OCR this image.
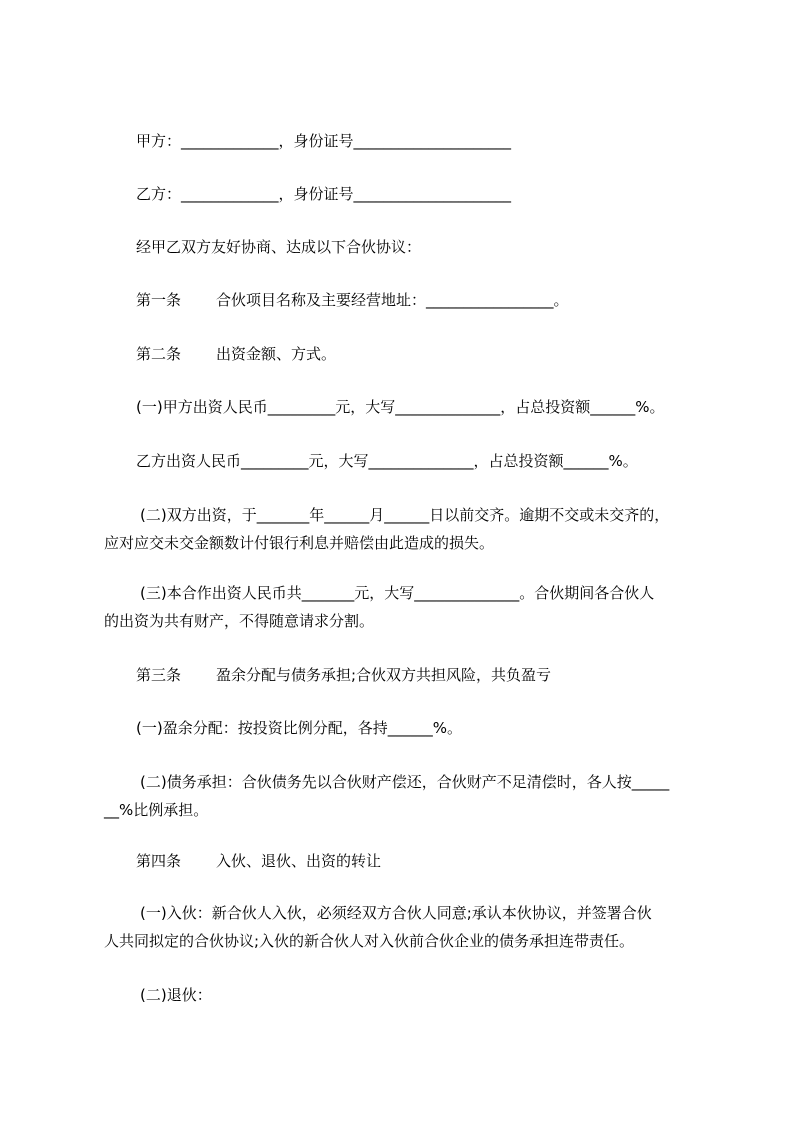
甲方：_____________，身份证号_____________________
乙方：_____________，身份证号_____________________
经甲乙双方友好协商、达成以下合伙协议：
第一条 合伙项目名称及主要经营地址：_________________。
第二条 出资金额、方式。
(一)甲方出资人民币_________元，大写______________，占总投资额______%。
乙方出资人民币_________元，大写______________，占总投资额______%。
(二)双方出资，于_______年______月______日以前交齐。逾期不交或未交齐的，
应对应交未交金额数计付银行利息并赔偿由此造成的损失。
(三)本合作出资人民币共_______元，大写______________。合伙期间各合伙人
的出资为共有财产，不得随意请求分割。
第三条 盈余分配与债务承担;合伙双方共担风险，共负盈亏
(一)盈余分配：按投资比例分配，各持______%。
(二)债务承担：合伙债务先以合伙财产偿还，合伙财产不足清偿时，各人按_____
__%比例承担。
第四条 入伙、退伙、出资的转让
(一)入伙：新合伙人入伙，必须经双方合伙人同意;承认本伙协议，并签署合伙
人共同拟定的合伙协议;入伙的新合伙人对入伙前合伙企业的债务承担连带责任。
(二)退伙：
